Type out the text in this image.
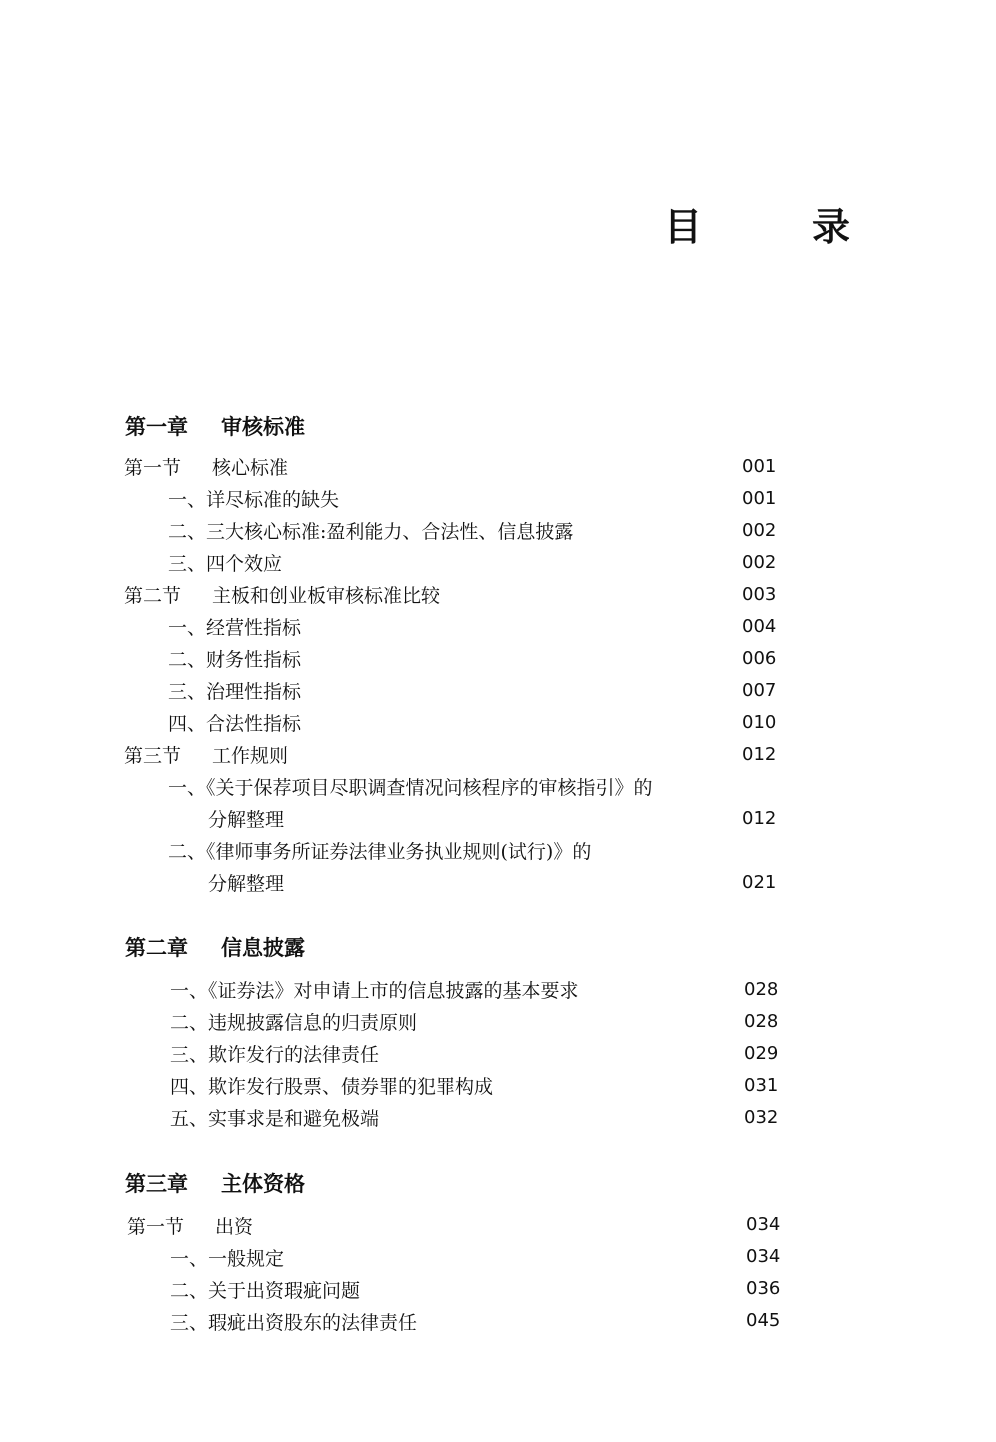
目　录
第一章 审核标准
第一节 核心标准	001
一、详尽标准的缺失	001
二、三大核心标准:盈利能力、合法性、信息披露	002
三、四个效应	002
第二节 主板和创业板审核标准比较	003
一、经营性指标	004
二、财务性指标	006
三、治理性指标	007
四、合法性指标	010
第三节 工作规则	012
一、《关于保荐项目尽职调查情况问核程序的审核指引》的
分解整理	012
二、《律师事务所证券法律业务执业规则(试行)》的
分解整理	021
第二章 信息披露
一、《证券法》对申请上市的信息披露的基本要求	028
二、违规披露信息的归责原则	028
三、欺诈发行的法律责任	029
四、欺诈发行股票、债券罪的犯罪构成	031
五、实事求是和避免极端	032
第三章 主体资格
第一节 出资	034
一、一般规定	034
二、关于出资瑕疵问题	036
三、瑕疵出资股东的法律责任	045
